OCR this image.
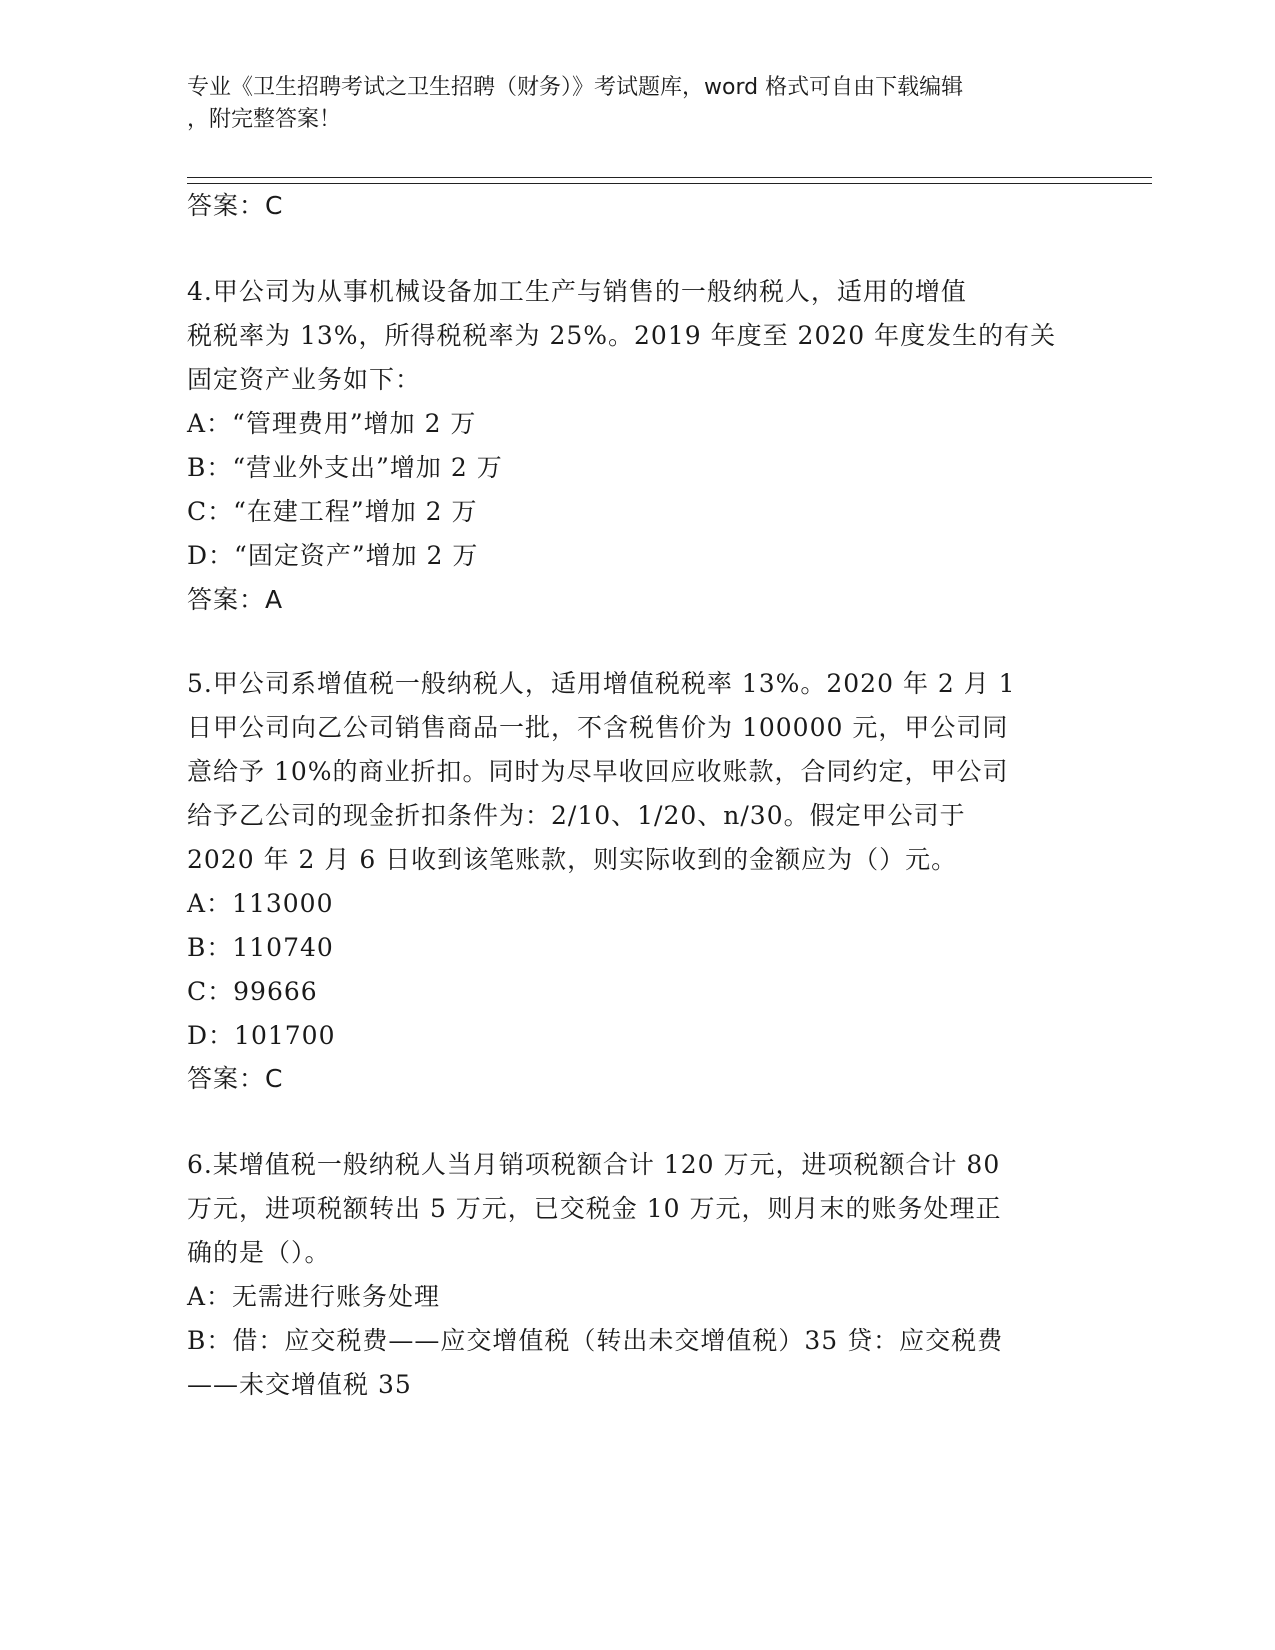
专业《卫生招聘考试之卫生招聘（财务）》考试题库，word 格式可自由下载编辑
，附完整答案！
答案：C
4.甲公司为从事机械设备加工生产与销售的一般纳税人，适用的增值
税税率为 13%，所得税税率为 25%。2019 年度至 2020 年度发生的有关
固定资产业务如下：
A：“管理费用”增加 2 万
B：“营业外支出”增加 2 万
C：“在建工程”增加 2 万
D：“固定资产”增加 2 万
答案：A
5.甲公司系增值税一般纳税人，适用增值税税率 13%。2020 年 2 月 1
日甲公司向乙公司销售商品一批，不含税售价为 100000 元，甲公司同
意给予 10%的商业折扣。同时为尽早收回应收账款，合同约定，甲公司
给予乙公司的现金折扣条件为：2/10、1/20、n/30。假定甲公司于
2020 年 2 月 6 日收到该笔账款，则实际收到的金额应为（）元。
A：113000
B：110740
C：99666
D：101700
答案：C
6.某增值税一般纳税人当月销项税额合计 120 万元，进项税额合计 80
万元，进项税额转出 5 万元，已交税金 10 万元，则月末的账务处理正
确的是（）。
A：无需进行账务处理
B：借：应交税费——应交增值税（转出未交增值税）35 贷：应交税费
——未交增值税 35
